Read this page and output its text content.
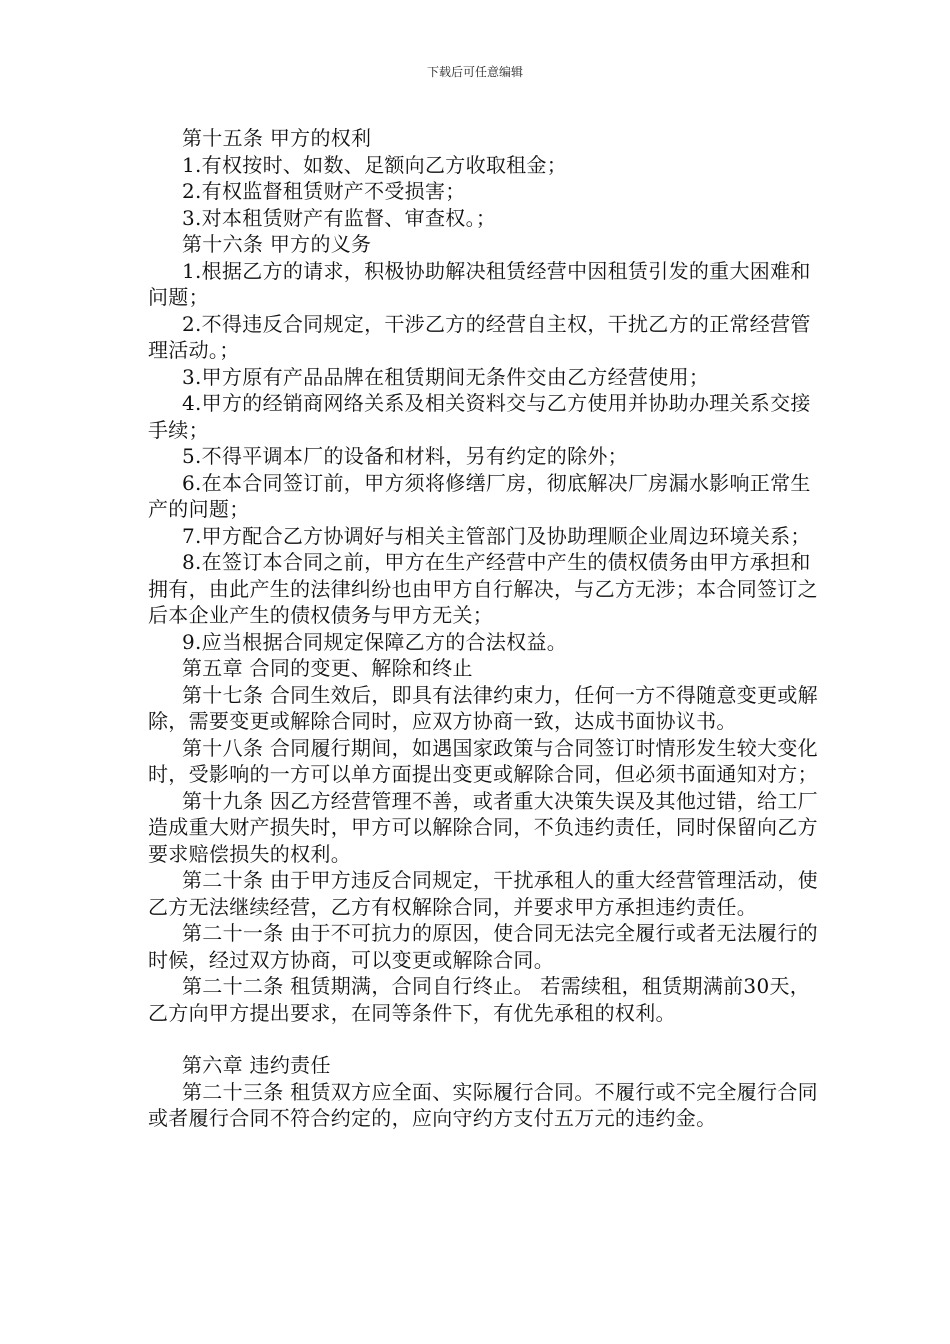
下载后可任意编辑

第十五条 甲方的权利

1.有权按时、如数、足额向乙方收取租金；

2.有权监督租赁财产不受损害；

3.对本租赁财产有监督、审查权。；

第十六条 甲方的义务

1.根据乙方的请求，积极协助解决租赁经营中因租赁引发的重大困难和问题；

2.不得违反合同规定，干涉乙方的经营自主权，干扰乙方的正常经营管理活动。；

3.甲方原有产品品牌在租赁期间无条件交由乙方经营使用；

4.甲方的经销商网络关系及相关资料交与乙方使用并协助办理关系交接手续；

5.不得平调本厂的设备和材料，另有约定的除外；

6.在本合同签订前，甲方须将修缮厂房，彻底解决厂房漏水影响正常生产的问题；

7.甲方配合乙方协调好与相关主管部门及协助理顺企业周边环境关系；

8.在签订本合同之前，甲方在生产经营中产生的债权债务由甲方承担和拥有，由此产生的法律纠纷也由甲方自行解决，与乙方无涉；本合同签订之后本企业产生的债权债务与甲方无关；

9.应当根据合同规定保障乙方的合法权益。

第五章 合同的变更、解除和终止

第十七条 合同生效后，即具有法律约束力，任何一方不得随意变更或解除，需要变更或解除合同时，应双方协商一致，达成书面协议书。

第十八条 合同履行期间，如遇国家政策与合同签订时情形发生较大变化时，受影响的一方可以单方面提出变更或解除合同，但必须书面通知对方；

第十九条 因乙方经营管理不善，或者重大决策失误及其他过错，给工厂造成重大财产损失时，甲方可以解除合同，不负违约责任，同时保留向乙方要求赔偿损失的权利。

第二十条 由于甲方违反合同规定，干扰承租人的重大经营管理活动，使乙方无法继续经营，乙方有权解除合同，并要求甲方承担违约责任。

第二十一条 由于不可抗力的原因，使合同无法完全履行或者无法履行的时候，经过双方协商，可以变更或解除合同。

第二十二条 租赁期满，合同自行终止。 若需续租，租赁期满前30天，乙方向甲方提出要求，在同等条件下，有优先承租的权利。

第六章 违约责任

第二十三条 租赁双方应全面、实际履行合同。不履行或不完全履行合同或者履行合同不符合约定的，应向守约方支付五万元的违约金。
